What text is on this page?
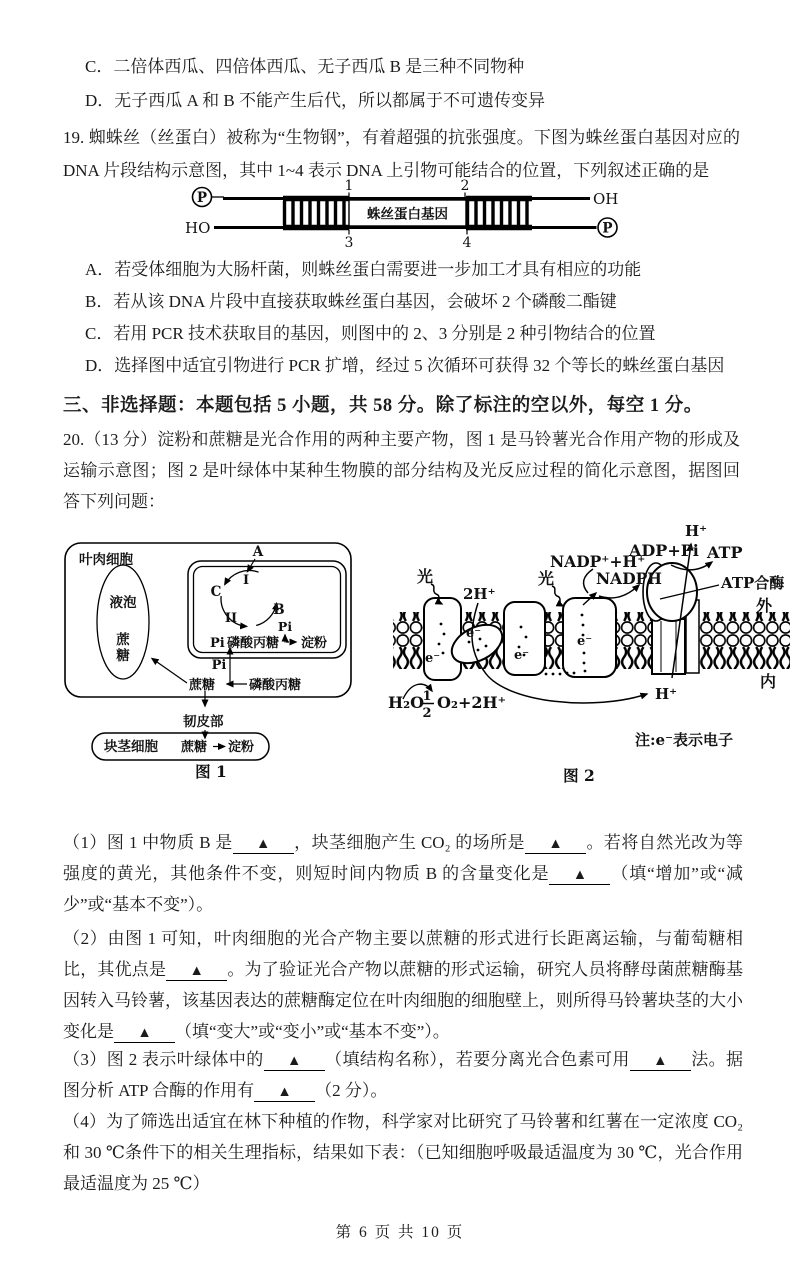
C．二倍体西瓜、四倍体西瓜、无子西瓜 B 是三种不同物种
D．无子西瓜 A 和 B 不能产生后代，所以都属于不可遗传变异
19. 蜘蛛丝（丝蛋白）被称为“生物钢”，有着超强的抗张强度。下图为蛛丝蛋白基因对应的 DNA 片段结构示意图，其中 1~4 表示 DNA 上引物可能结合的位置，下列叙述正确的是
P
P
HO
OH
蛛丝蛋白基因
1	2
3	4
A．若受体细胞为大肠杆菌，则蛛丝蛋白需要进一步加工才具有相应的功能
B．若从该 DNA 片段中直接获取蛛丝蛋白基因，会破坏 2 个磷酸二酯键
C．若用 PCR 技术获取目的基因，则图中的 2、3 分别是 2 种引物结合的位置
D．选择图中适宜引物进行 PCR 扩增，经过 5 次循环可获得 32 个等长的蛛丝蛋白基因
三、非选择题：本题包括 5 小题，共 58 分。除了标注的空以外，每空 1 分。
20.（13 分）淀粉和蔗糖是光合作用的两种主要产物，图 1 是马铃薯光合作用产物的形成及运输示意图；图 2 是叶绿体中某种生物膜的部分结构及光反应过程的简化示意图，据图回答下列问题：
叶肉细胞
液泡
蔗
糖
A
I
C
II
B
Pi 磷酸丙糖
Pi
淀粉
Pi
蔗糖	磷酸丙糖
韧皮部
块茎细胞 蔗糖 淀粉
图 1
光	光
2H⁺
NADP⁺+H⁺
NADPH
ADP+Pi ATP
H⁺
ATP合酶
外
内
H⁺
H₂O
1
2
O₂+2H⁺
e⁻
e⁻
e⁻
e⁻
注:e⁻表示电子
图 2
（1）图 1 中物质 B 是 ▲ ，块茎细胞产生 CO₂ 的场所是 ▲ 。若将自然光改为等强度的黄光，其他条件不变，则短时间内物质 B 的含量变化是 ▲ （填“增加”或“减少”或“基本不变”）。
（2）由图 1 可知，叶肉细胞的光合产物主要以蔗糖的形式进行长距离运输，与葡萄糖相比，其优点是 ▲ 。为了验证光合产物以蔗糖的形式运输，研究人员将酵母菌蔗糖酶基因转入马铃薯，该基因表达的蔗糖酶定位在叶肉细胞的细胞壁上，则所得马铃薯块茎的大小变化是 ▲ （填“变大”或“变小”或“基本不变”）。
（3）图 2 表示叶绿体中的 ▲ （填结构名称），若要分离光合色素可用 ▲ 法。据图分析 ATP 合酶的作用有 ▲ （2 分）。
（4）为了筛选出适宜在林下种植的作物，科学家对比研究了马铃薯和红薯在一定浓度 CO₂ 和 30 ℃条件下的相关生理指标，结果如下表：（已知细胞呼吸最适温度为 30 ℃，光合作用最适温度为 25 ℃）
第 6 页 共 10 页
